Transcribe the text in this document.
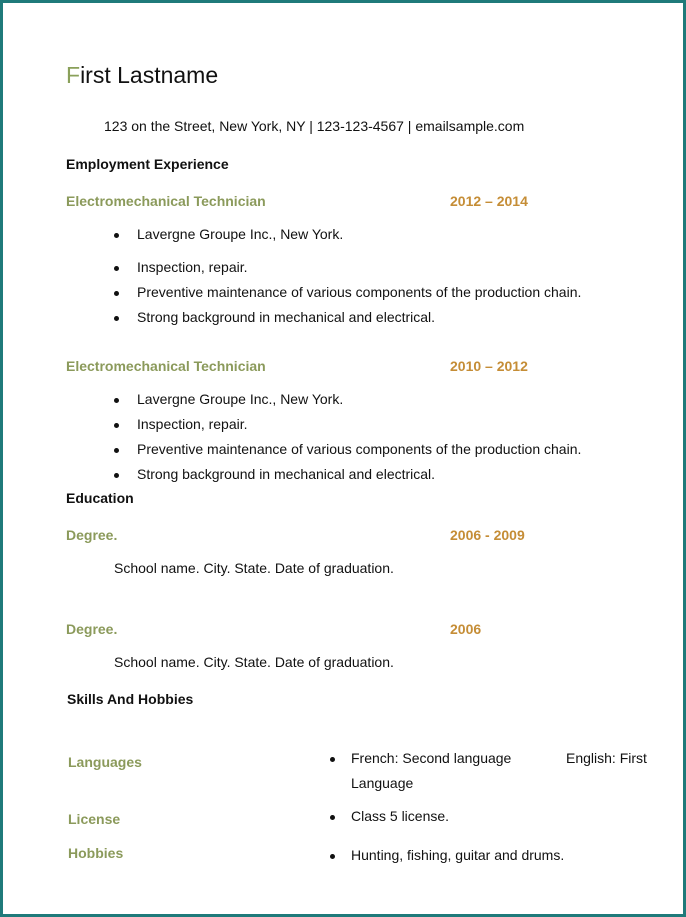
First Lastname
123 on the Street, New York, NY | 123-123-4567 | emailsample.com
Employment Experience
Electromechanical Technician	2012 – 2014
Lavergne Groupe Inc., New York.
Inspection, repair.
Preventive maintenance of various components of the production chain.
Strong background in mechanical and electrical.
Electromechanical Technician	2010 – 2012
Lavergne Groupe Inc., New York.
Inspection, repair.
Preventive maintenance of various components of the production chain.
Strong background in mechanical and electrical.
Education
Degree.	2006 - 2009
School name. City. State. Date of graduation.
Degree.	2006
School name. City. State. Date of graduation.
Skills And Hobbies
Languages	French: Second language	English: First
Language
License	Class 5 license.
Hobbies	Hunting, fishing, guitar and drums.
